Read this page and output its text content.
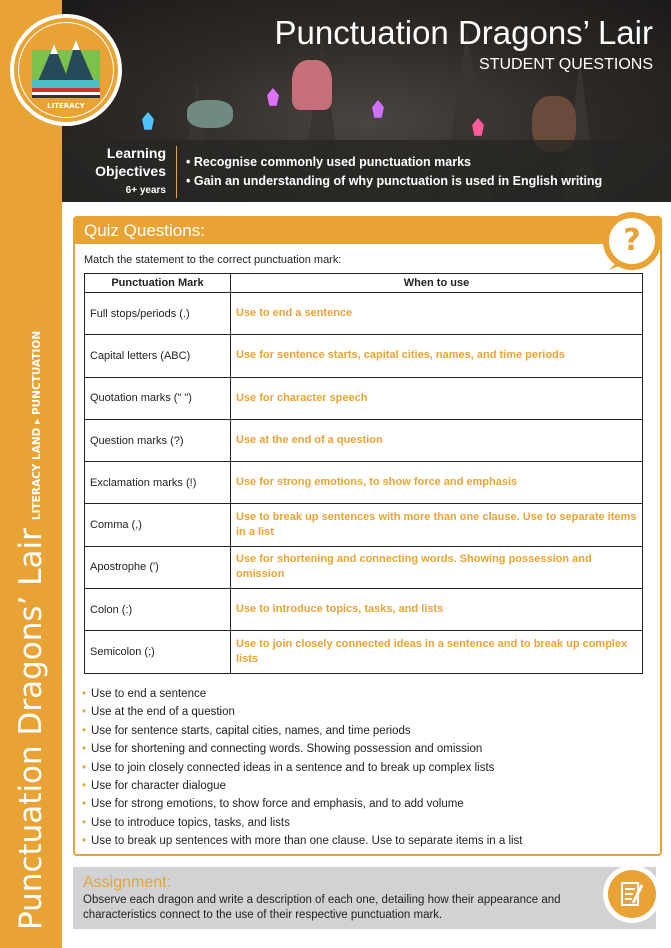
Punctuation Dragons’ Lair
LITERACY LAND ▸ PUNCTUATION
Punctuation Dragons’ Lair
STUDENT QUESTIONS
Learning
Objectives
6+ years
• Recognise commonly used punctuation marks
• Gain an understanding of why punctuation is used in English writing
LITERACY
Quiz Questions:	?
Match the statement to the correct punctuation mark:
Punctuation Mark	When to use
Full stops/periods (.)	Use to end a sentence
Capital letters (ABC)	Use for sentence starts, capital cities, names, and time periods
Quotation marks (" ")	Use for character speech
Question marks (?)	Use at the end of a question
Exclamation marks (!)	Use for strong emotions, to show force and emphasis
Comma (,)	Use to break up sentences with more than one clause. Use to separate items in a list
Apostrophe (')	Use for shortening and connecting words. Showing possession and omission
Colon (:)	Use to introduce topics, tasks, and lists
Semicolon (;)	Use to join closely connected ideas in a sentence and to break up complex lists
• Use to end a sentence
• Use at the end of a question
• Use for sentence starts, capital cities, names, and time periods
• Use for shortening and connecting words. Showing possession and omission
• Use to join closely connected ideas in a sentence and to break up complex lists
• Use for character dialogue
• Use for strong emotions, to show force and emphasis, and to add volume
• Use to introduce topics, tasks, and lists
• Use to break up sentences with more than one clause. Use to separate items in a list
Assignment:

Observe each dragon and write a description of each one, detailing how their appearance and characteristics connect to the use of their respective punctuation mark.
